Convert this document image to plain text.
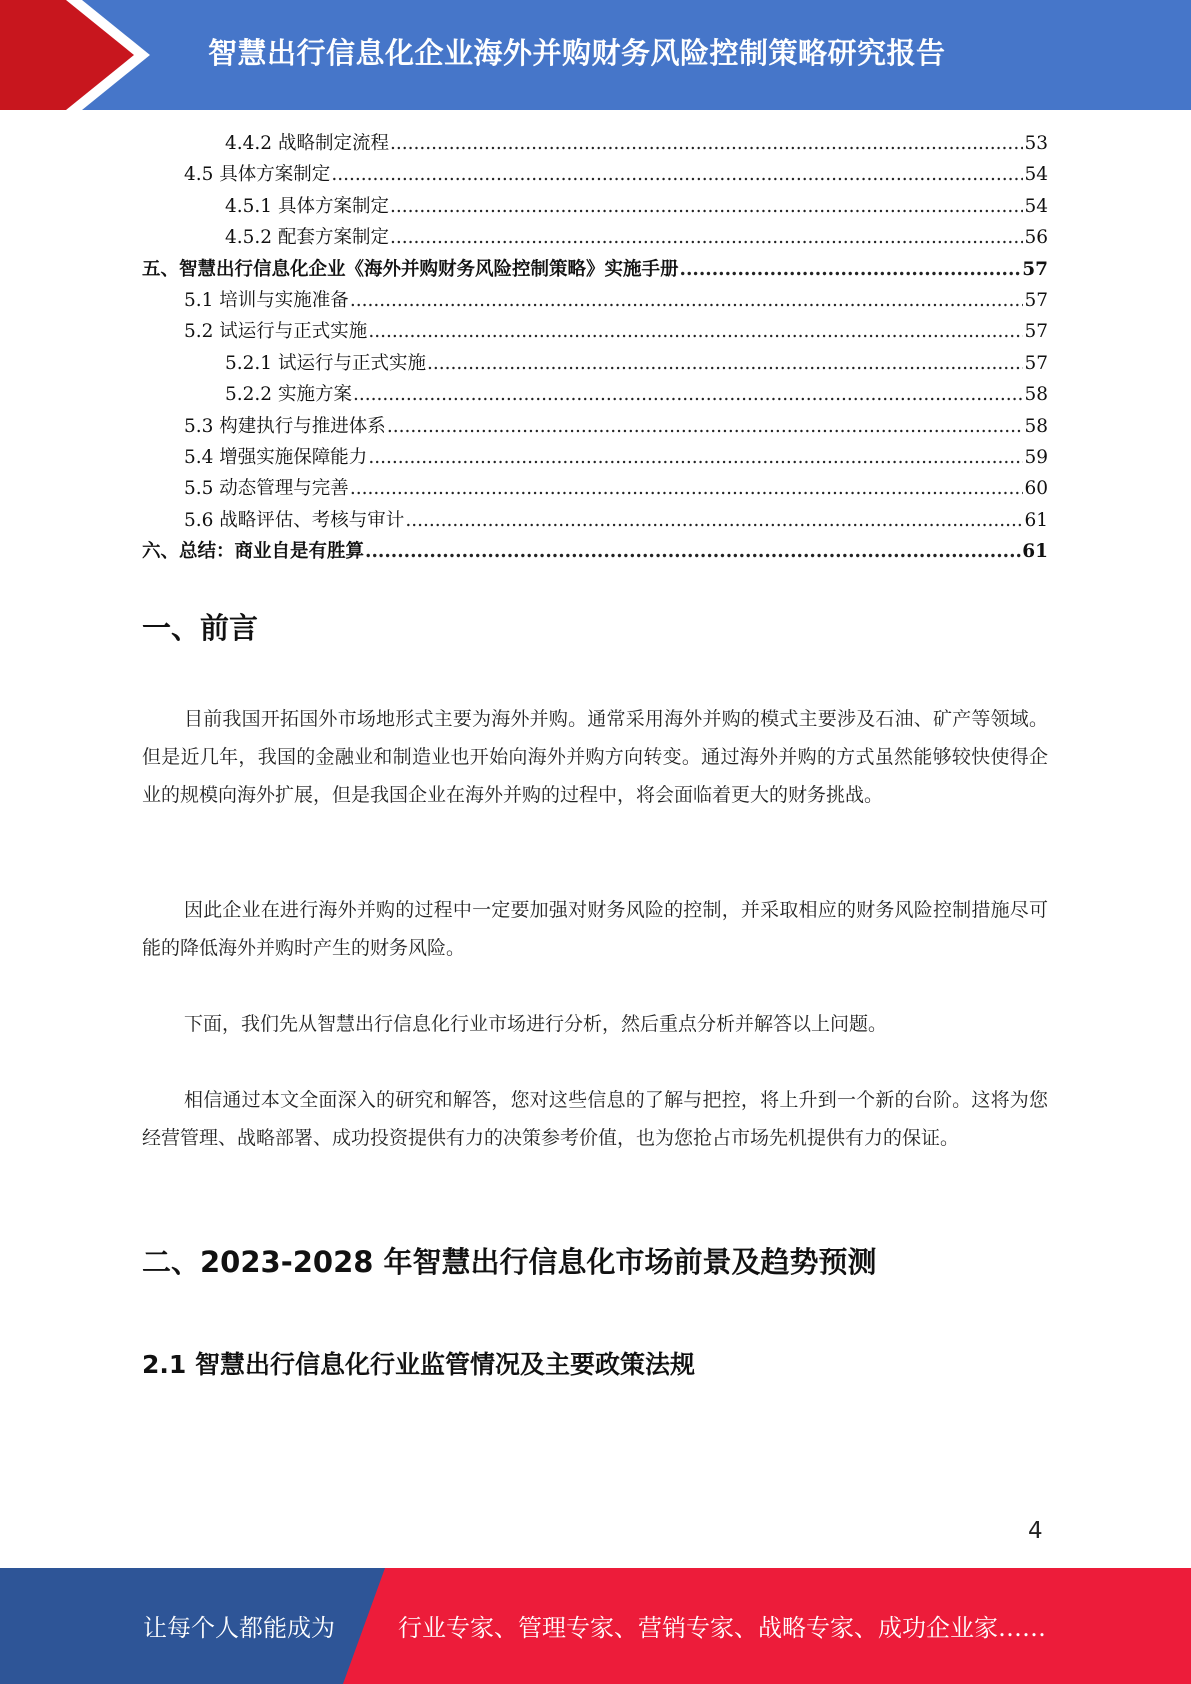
智慧出行信息化企业海外并购财务风险控制策略研究报告
4.4.2 战略制定流程 .....	53
4.5 具体方案制定 .....	54
4.5.1 具体方案制定 .....	54
4.5.2 配套方案制定 .....	56
五、智慧出行信息化企业《海外并购财务风险控制策略》实施手册 .....	57
5.1 培训与实施准备 .....	57
5.2 试运行与正式实施 .....	57
5.2.1 试运行与正式实施 .....	57
5.2.2 实施方案 .....	58
5.3 构建执行与推进体系 .....	58
5.4 增强实施保障能力 .....	59
5.5 动态管理与完善 .....	60
5.6 战略评估、考核与审计 .....	61
六、总结：商业自是有胜算 .....	61
一、前言
目前我国开拓国外市场地形式主要为海外并购。通常采用海外并购的模式主要涉及石油、矿产等领域。但是近几年，我国的金融业和制造业也开始向海外并购方向转变。通过海外并购的方式虽然能够较快使得企业的规模向海外扩展，但是我国企业在海外并购的过程中，将会面临着更大的财务挑战。
因此企业在进行海外并购的过程中一定要加强对财务风险的控制，并采取相应的财务风险控制措施尽可能的降低海外并购时产生的财务风险。
下面，我们先从智慧出行信息化行业市场进行分析，然后重点分析并解答以上问题。
相信通过本文全面深入的研究和解答，您对这些信息的了解与把控，将上升到一个新的台阶。这将为您经营管理、战略部署、成功投资提供有力的决策参考价值，也为您抢占市场先机提供有力的保证。
二、2023-2028 年智慧出行信息化市场前景及趋势预测
2.1 智慧出行信息化行业监管情况及主要政策法规
4
让每个人都能成为	行业专家、管理专家、营销专家、战略专家、成功企业家……
